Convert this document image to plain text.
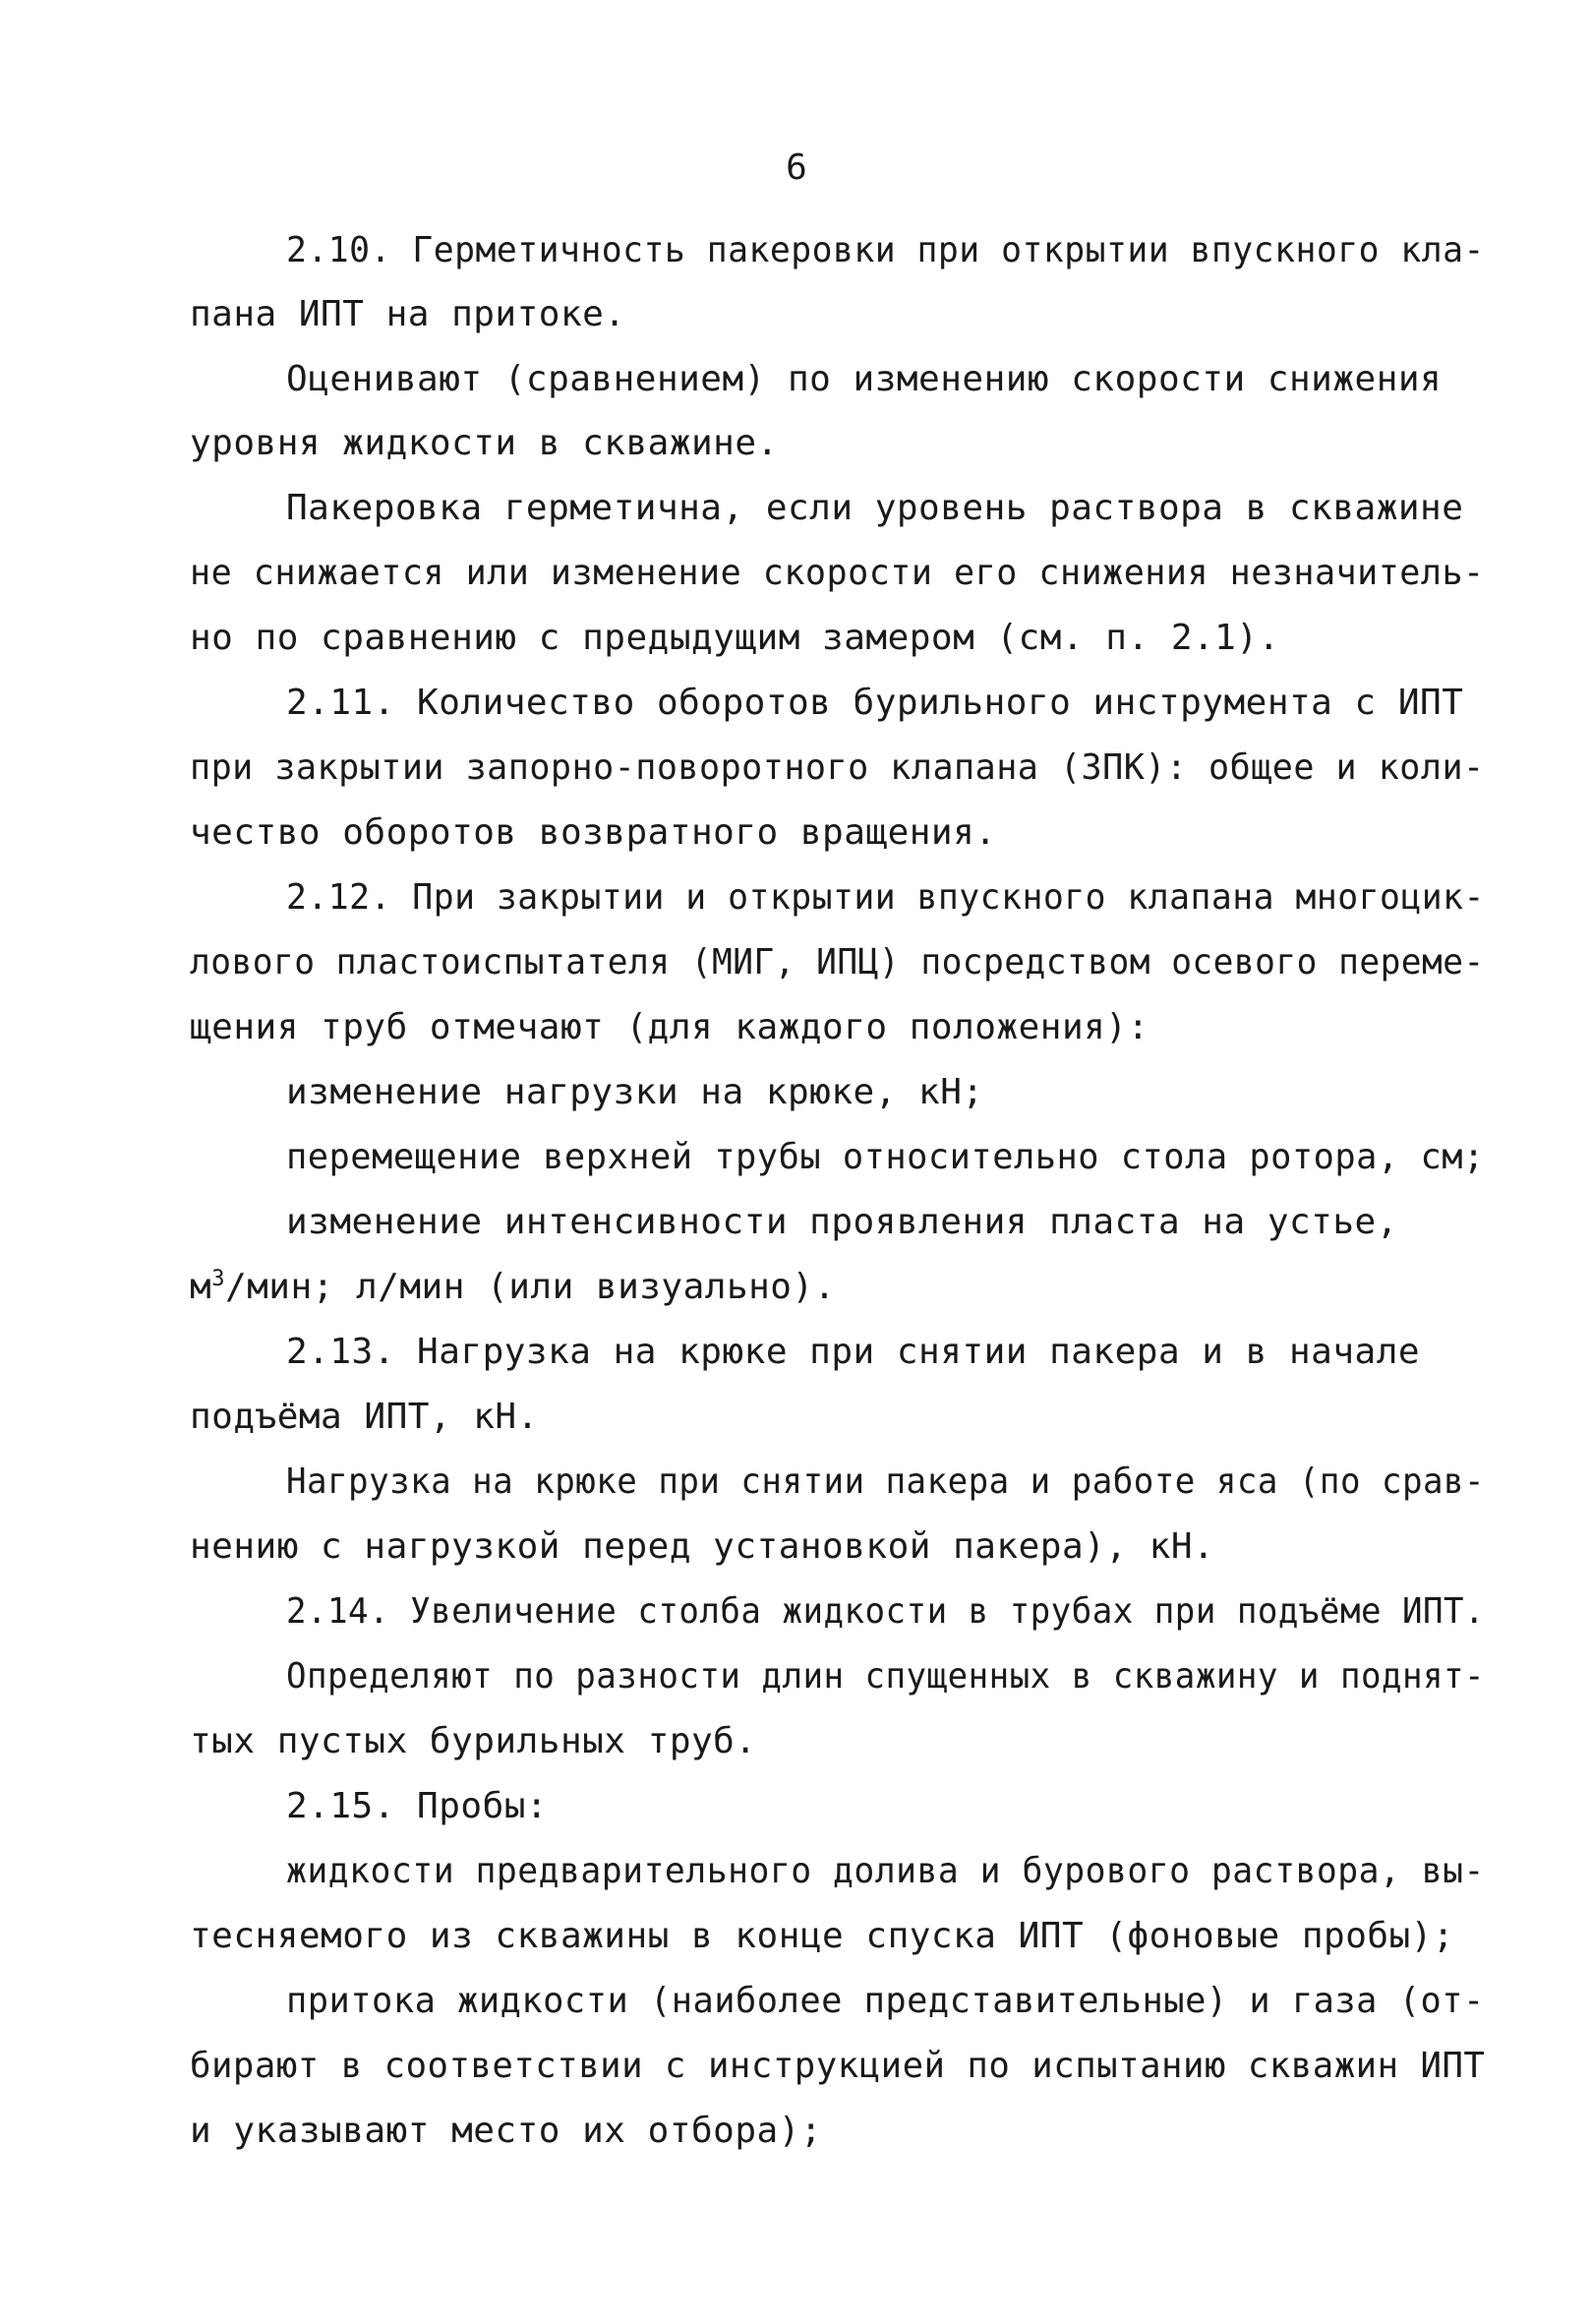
6
2.10. Герметичность пакеровки при открытии впускного кла-
пана ИПТ на притоке.
Оценивают (сравнением) по изменению скорости снижения
уровня жидкости в скважине.
Пакеровка герметична, если уровень раствора в скважине
не снижается или изменение скорости его снижения незначитель-
но по сравнению с предыдущим замером (см. п. 2.1).
2.11. Количество оборотов бурильного инструмента с ИПТ
при закрытии запорно-поворотного клапана (ЗПК): общее и коли-
чество оборотов возвратного вращения.
2.12. При закрытии и открытии впускного клапана многоцик-
лового пластоиспытателя (МИГ, ИПЦ) посредством осевого переме-
щения труб отмечают (для каждого положения):
изменение нагрузки на крюке, кН;
перемещение верхней трубы относительно стола ротора, см;
изменение интенсивности проявления пласта на устье,
$м^3$/мин; л/мин (или визуально).
2.13. Нагрузка на крюке при снятии пакера и в начале
подъёма ИПТ, кН.
Нагрузка на крюке при снятии пакера и работе яса (по срав-
нению с нагрузкой перед установкой пакера), кН.
2.14. Увеличение столба жидкости в трубах при подъёме ИПТ.
Определяют по разности длин спущенных в скважину и поднят-
тых пустых бурильных труб.
2.15. Пробы:
жидкости предварительного долива и бурового раствора, вы-
тесняемого из скважины в конце спуска ИПТ (фоновые пробы);
притока жидкости (наиболее представительные) и газа (от-
бирают в соответствии с инструкцией по испытанию скважин ИПТ
и указывают место их отбора);
